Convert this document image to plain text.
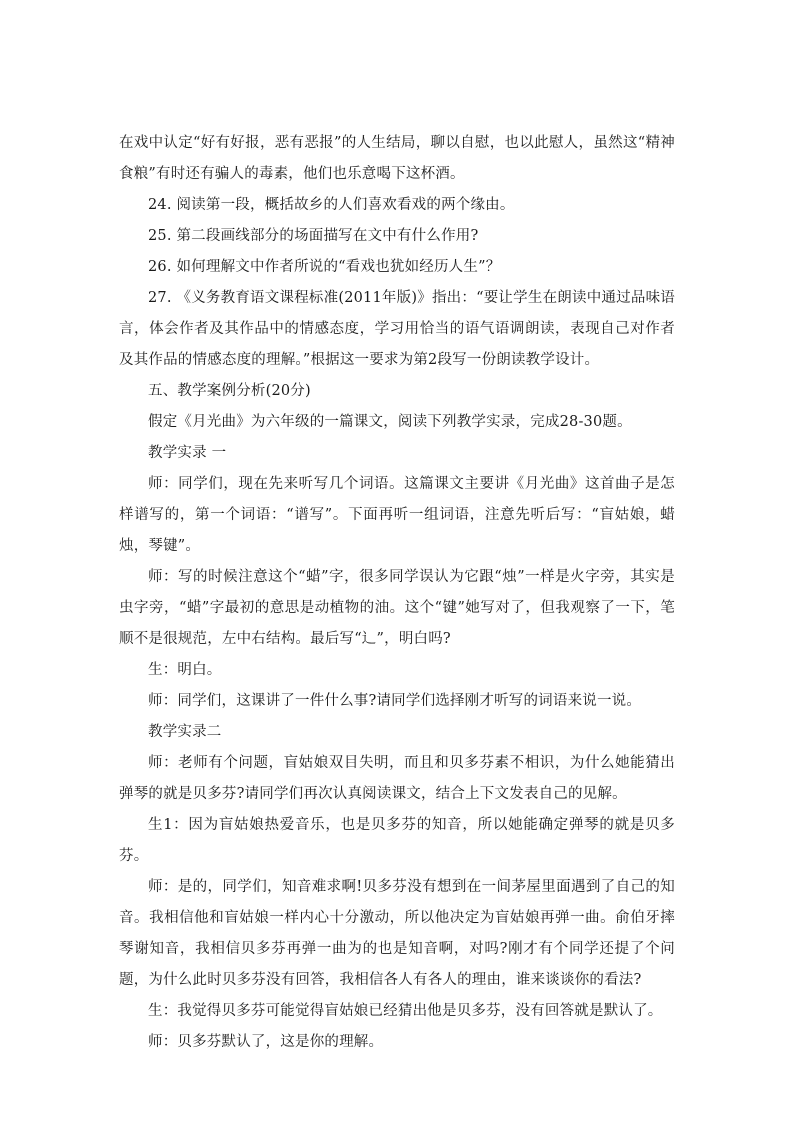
在戏中认定“好有好报，恶有恶报”的人生结局，聊以自慰，也以此慰人，虽然这“精神食粮”有时还有骗人的毒素，他们也乐意喝下这杯酒。

24. 阅读第一段，概括故乡的人们喜欢看戏的两个缘由。

25. 第二段画线部分的场面描写在文中有什么作用?

26. 如何理解文中作者所说的“看戏也犹如经历人生”？

27. 《义务教育语文课程标准(2011年版)》指出：“要让学生在朗读中通过品味语言，体会作者及其作品中的情感态度，学习用恰当的语气语调朗读，表现自己对作者及其作品的情感态度的理解。”根据这一要求为第2段写一份朗读教学设计。

五、教学案例分析(20分)

假定《月光曲》为六年级的一篇课文，阅读下列教学实录，完成28-30题。

教学实录 一

师：同学们，现在先来听写几个词语。这篇课文主要讲《月光曲》这首曲子是怎样谱写的，第一个词语：“谱写”。下面再听一组词语，注意先听后写：“盲姑娘，蜡烛，琴键”。

师：写的时候注意这个“蜡”字，很多同学误认为它跟“烛”一样是火字旁，其实是虫字旁，“蜡”字最初的意思是动植物的油。这个“键”她写对了，但我观察了一下，笔顺不是很规范，左中右结构。最后写“辶”，明白吗?

生：明白。

师：同学们，这课讲了一件什么事?请同学们选择刚才听写的词语来说一说。

教学实录二

师：老师有个问题，盲姑娘双目失明，而且和贝多芬素不相识，为什么她能猜出弹琴的就是贝多芬?请同学们再次认真阅读课文，结合上下文发表自己的见解。

生1：因为盲姑娘热爱音乐，也是贝多芬的知音，所以她能确定弹琴的就是贝多芬。

师：是的，同学们，知音难求啊!贝多芬没有想到在一间茅屋里面遇到了自己的知音。我相信他和盲姑娘一样内心十分激动，所以他决定为盲姑娘再弹一曲。俞伯牙摔琴谢知音，我相信贝多芬再弹一曲为的也是知音啊，对吗?刚才有个同学还提了个问题，为什么此时贝多芬没有回答，我相信各人有各人的理由，谁来谈谈你的看法?

生：我觉得贝多芬可能觉得盲姑娘已经猜出他是贝多芬，没有回答就是默认了。

师：贝多芬默认了，这是你的理解。
